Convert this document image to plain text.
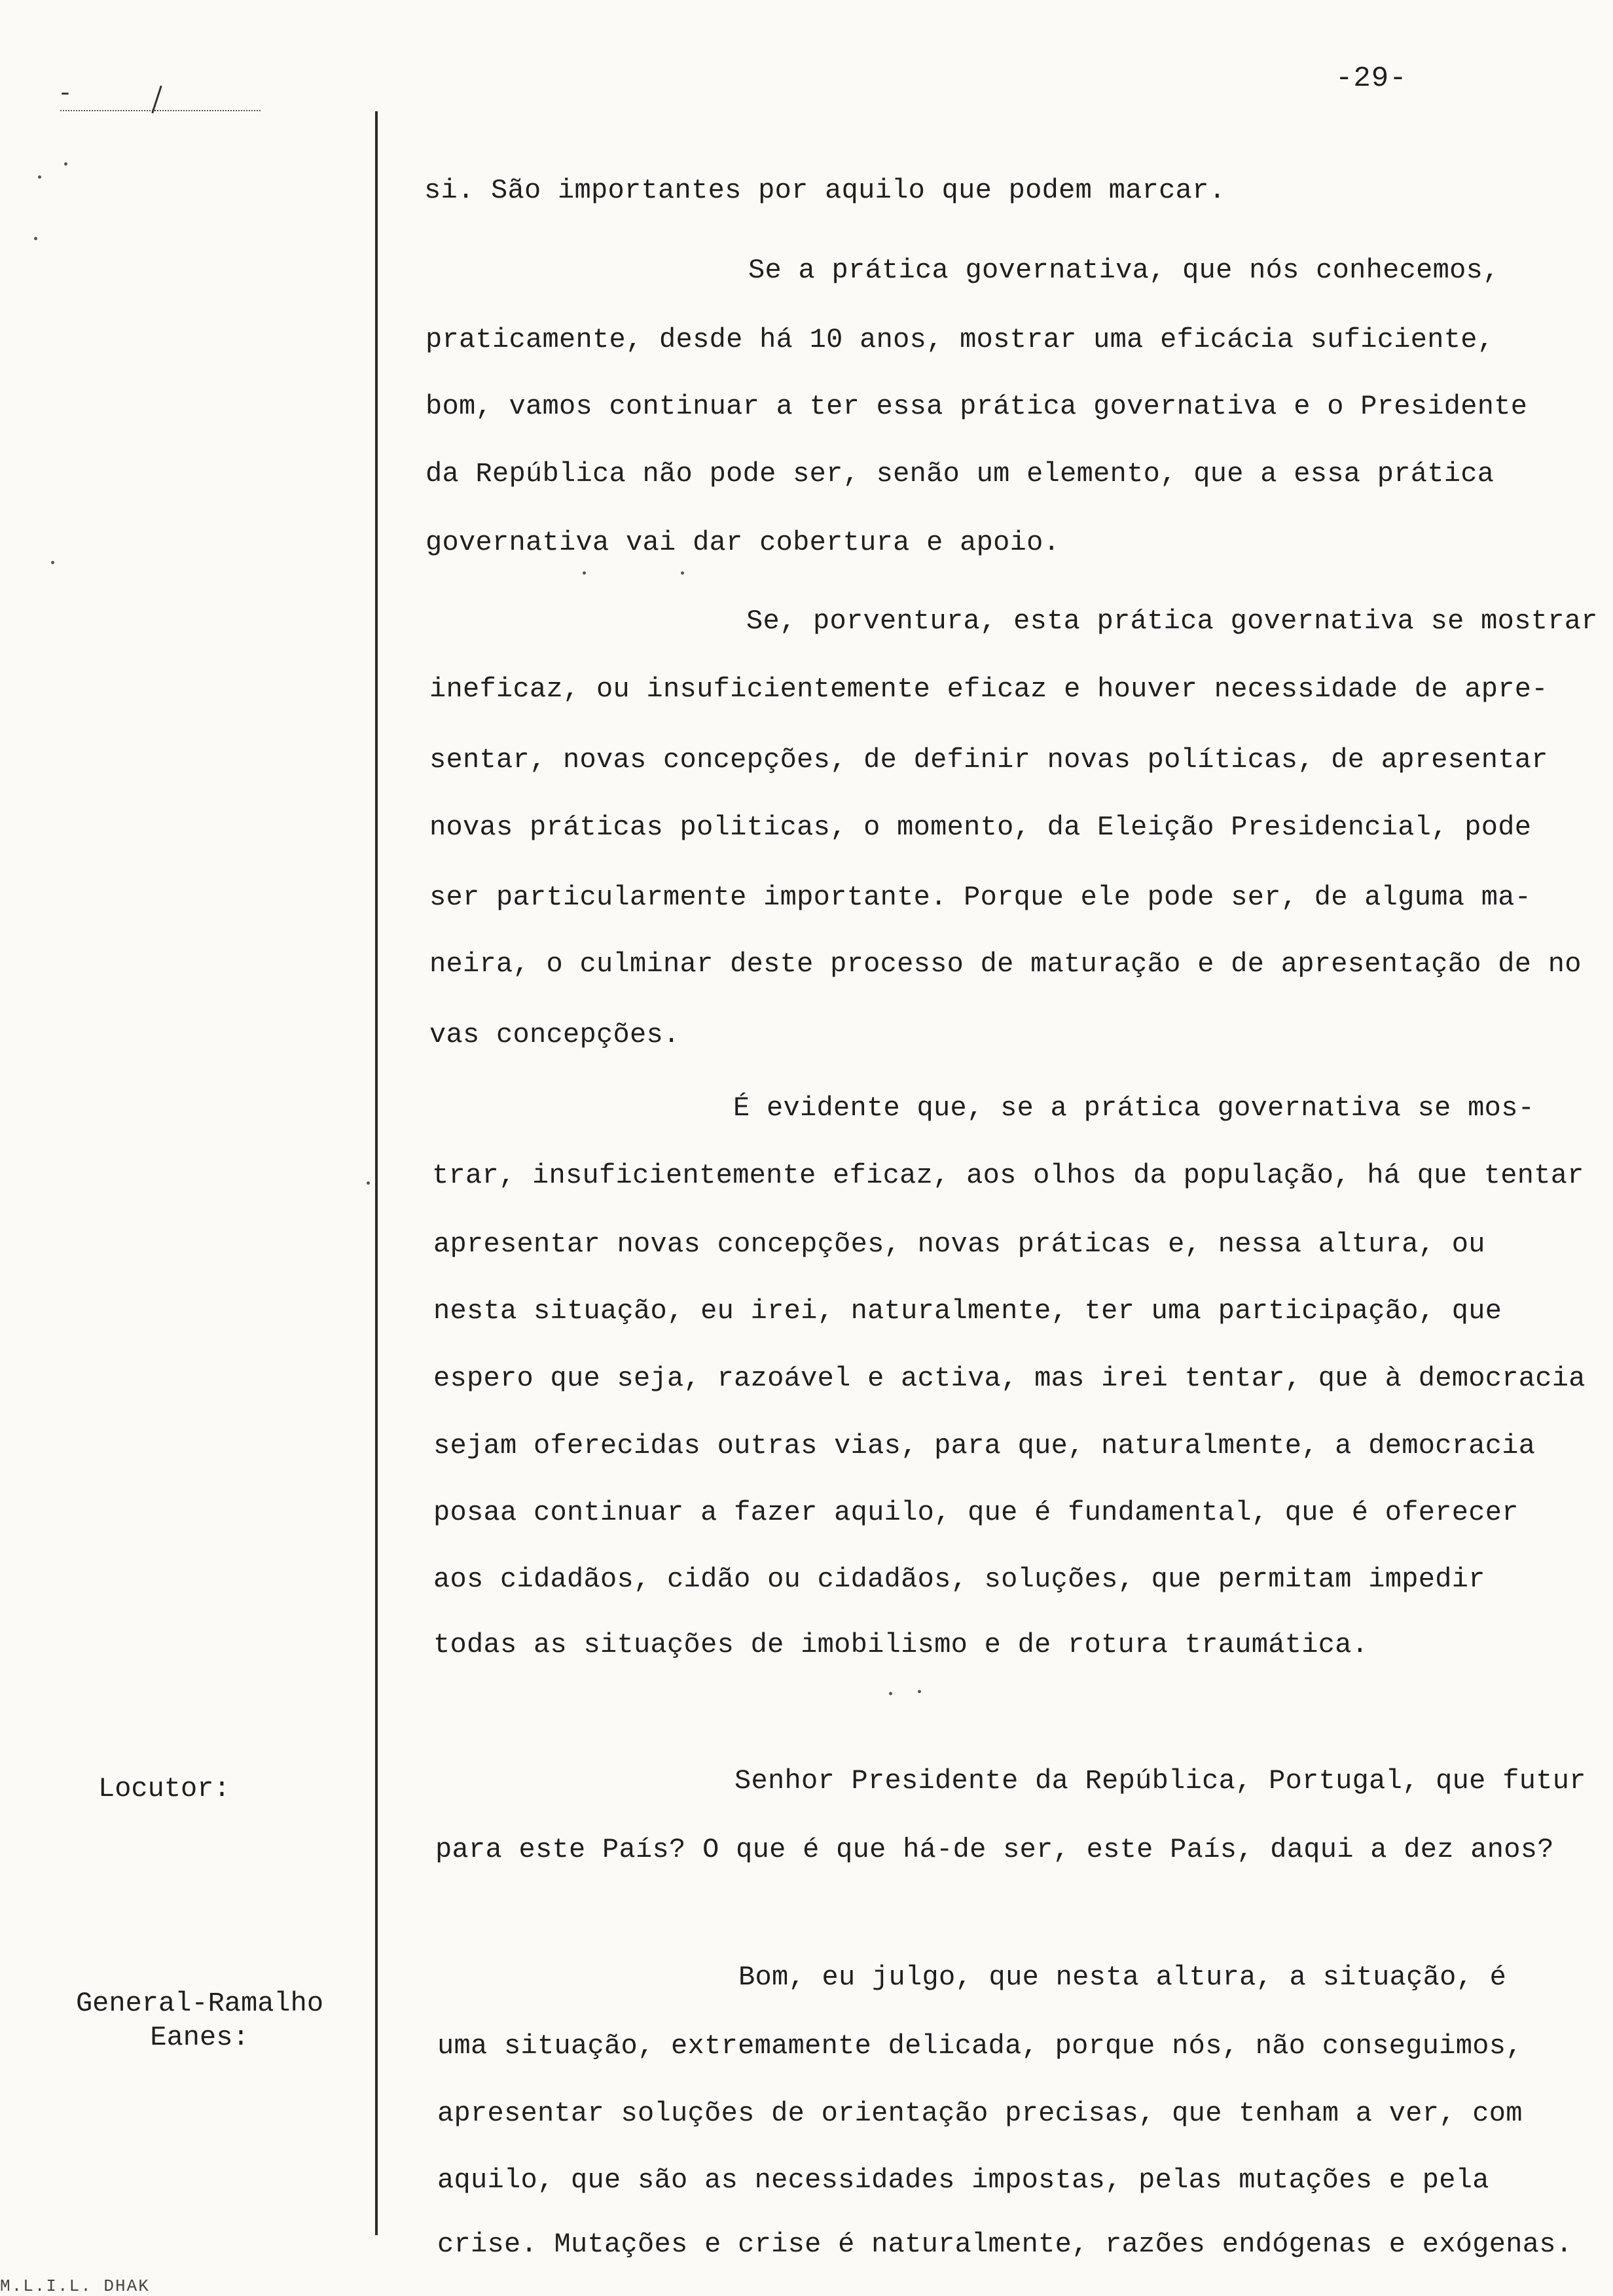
-	-29-
Locutor:
General-Ramalho
Eanes:
si. São importantes por aquilo que podem marcar.
Se a prática governativa, que nós conhecemos,
praticamente, desde há 10 anos, mostrar uma eficácia suficiente,
bom, vamos continuar a ter essa prática governativa e o Presidente
da República não pode ser, senão um elemento, que a essa prática
governativa vai dar cobertura e apoio.
Se, porventura, esta prática governativa se mostrar
ineficaz, ou insuficientemente eficaz e houver necessidade de apre-
sentar, novas concepções, de definir novas políticas, de apresentar
novas práticas politicas, o momento, da Eleição Presidencial, pode
ser particularmente importante. Porque ele pode ser, de alguma ma-
neira, o culminar deste processo de maturação e de apresentação de no
vas concepções.
É evidente que, se a prática governativa se mos-
trar, insuficientemente eficaz, aos olhos da população, há que tentar
apresentar novas concepções, novas práticas e, nessa altura, ou
nesta situação, eu irei, naturalmente, ter uma participação, que
espero que seja, razoável e activa, mas irei tentar, que à democracia
sejam oferecidas outras vias, para que, naturalmente, a democracia
posaa continuar a fazer aquilo, que é fundamental, que é oferecer
aos cidadãos, cidão ou cidadãos, soluções, que permitam impedir
todas as situações de imobilismo e de rotura traumática.
Senhor Presidente da República, Portugal, que futur
para este País? O que é que há-de ser, este País, daqui a dez anos?
Bom, eu julgo, que nesta altura, a situação, é
uma situação, extremamente delicada, porque nós, não conseguimos,
apresentar soluções de orientação precisas, que tenham a ver, com
aquilo, que são as necessidades impostas, pelas mutações e pela
crise. Mutações e crise é naturalmente, razões endógenas e exógenas.
M.L.I.L. DHAK
